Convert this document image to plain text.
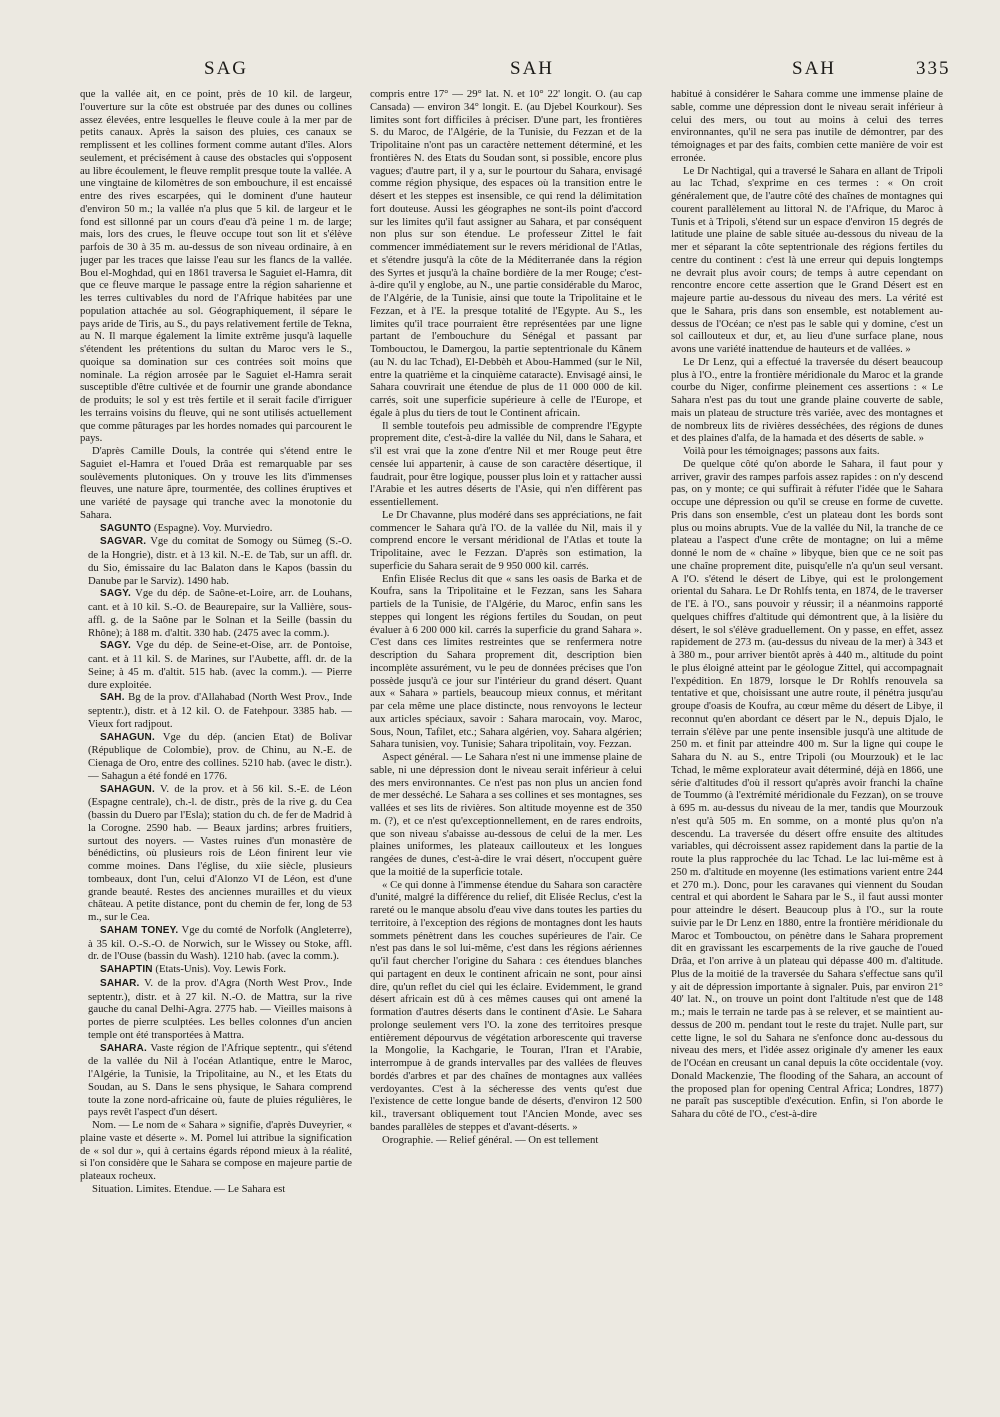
SAG	SAH	SAH	335

que la vallée ait, en ce point, près de 10 kil. de largeur, l'ouverture sur la côte est obstruée par des dunes ou collines assez élevées, entre lesquelles le fleuve coule à la mer par de petits canaux. Après la saison des pluies, ces canaux se remplissent et les collines forment comme autant d'îles. Alors seulement, et précisément à cause des obstacles qui s'opposent au libre écoulement, le fleuve remplit presque toute la vallée. A une vingtaine de kilomètres de son embouchure, il est encaissé entre des rives escarpées, qui le dominent d'une hauteur d'environ 50 m.; la vallée n'a plus que 5 kil. de largeur et le fond est sillonné par un cours d'eau d'à peine 1 m. de large; mais, lors des crues, le fleuve occupe tout son lit et s'élève parfois de 30 à 35 m. au-dessus de son niveau ordinaire, à en juger par les traces que laisse l'eau sur les flancs de la vallée. Bou el-Moghdad, qui en 1861 traversa le Saguiet el-Hamra, dit que ce fleuve marque le passage entre la région saharienne et les terres cultivables du nord de l'Afrique habitées par une population attachée au sol. Géographiquement, il sépare le pays aride de Tiris, au S., du pays relativement fertile de Tekna, au N. Il marque également la limite extrême jusqu'à laquelle s'étendent les prétentions du sultan du Maroc vers le S., quoique sa domination sur ces contrées soit moins que nominale. La région arrosée par le Saguiet el-Hamra serait susceptible d'être cultivée et de fournir une grande abondance de produits; le sol y est très fertile et il serait facile d'irriguer les terrains voisins du fleuve, qui ne sont utilisés actuellement que comme pâturages par les hordes nomades qui parcourent le pays.

D'après Camille Douls, la contrée qui s'étend entre le Saguiet el-Hamra et l'oued Drâa est remarquable par ses soulèvements plutoniques. On y trouve les lits d'immenses fleuves, une nature âpre, tourmentée, des collines éruptives et une variété de paysage qui tranche avec la monotonie du Sahara.

SAGUNTO (Espagne). Voy. Murviedro.

SAGVAR. Vge du comitat de Somogy ou Sümeg (S.-O. de la Hongrie), distr. et à 13 kil. N.-E. de Tab, sur un affl. dr. du Sio, émissaire du lac Balaton dans le Kapos (bassin du Danube par le Sarviz). 1490 hab.

SAGY. Vge du dép. de Saône-et-Loire, arr. de Louhans, cant. et à 10 kil. S.-O. de Beaurepaire, sur la Vallière, sous-affl. g. de la Saône par le Solnan et la Seille (bassin du Rhône); à 188 m. d'altit. 330 hab. (2475 avec la comm.).

SAGY. Vge du dép. de Seine-et-Oise, arr. de Pontoise, cant. et à 11 kil. S. de Marines, sur l'Aubette, affl. dr. de la Seine; à 45 m. d'altit. 515 hab. (avec la comm.). — Pierre dure exploitée.

SAH. Bg de la prov. d'Allahabad (North West Prov., Inde septentr.), distr. et à 12 kil. O. de Fatehpour. 3385 hab. — Vieux fort radjpout.

SAHAGUN. Vge du dép. (ancien Etat) de Bolivar (République de Colombie), prov. de Chinu, au N.-E. de Cienaga de Oro, entre des collines. 5210 hab. (avec le distr.). — Sahagun a été fondé en 1776.

SAHAGUN. V. de la prov. et à 56 kil. S.-E. de Léon (Espagne centrale), ch.-l. de distr., près de la rive g. du Cea (bassin du Duero par l'Esla); station du ch. de fer de Madrid à la Corogne. 2590 hab. — Beaux jardins; arbres fruitiers, surtout des noyers. — Vastes ruines d'un monastère de bénédictins, où plusieurs rois de Léon finirent leur vie comme moines. Dans l'église, du xiie siècle, plusieurs tombeaux, dont l'un, celui d'Alonzo VI de Léon, est d'une grande beauté. Restes des anciennes murailles et du vieux château. A petite distance, pont du chemin de fer, long de 53 m., sur le Cea.

SAHAM TONEY. Vge du comté de Norfolk (Angleterre), à 35 kil. O.-S.-O. de Norwich, sur le Wissey ou Stoke, affl. dr. de l'Ouse (bassin du Wash). 1210 hab. (avec la comm.).

SAHAPTIN (Etats-Unis). Voy. Lewis Fork.

SAHAR. V. de la prov. d'Agra (North West Prov., Inde septentr.), distr. et à 27 kil. N.-O. de Mattra, sur la rive gauche du canal Delhi-Agra. 2775 hab. — Vieilles maisons à portes de pierre sculptées. Les belles colonnes d'un ancien temple ont été transportées à Mattra.

SAHARA. Vaste région de l'Afrique septentr., qui s'étend de la vallée du Nil à l'océan Atlantique, entre le Maroc, l'Algérie, la Tunisie, la Tripolitaine, au N., et les Etats du Soudan, au S. Dans le sens physique, le Sahara comprend toute la zone nord-africaine où, faute de pluies régulières, le pays revêt l'aspect d'un désert.

Nom. — Le nom de « Sahara » signifie, d'après Duveyrier, « plaine vaste et déserte ». M. Pomel lui attribue la signification de « sol dur », qui à certains égards répond mieux à la réalité, si l'on considère que le Sahara se compose en majeure partie de plateaux rocheux.

Situation. Limites. Etendue. — Le Sahara est

compris entre 17° — 29° lat. N. et 10° 22' longit. O. (au cap Cansada) — environ 34° longit. E. (au Djebel Kourkour). Ses limites sont fort difficiles à préciser. D'une part, les frontières S. du Maroc, de l'Algérie, de la Tunisie, du Fezzan et de la Tripolitaine n'ont pas un caractère nettement déterminé, et les frontières N. des Etats du Soudan sont, si possible, encore plus vagues; d'autre part, il y a, sur le pourtour du Sahara, envisagé comme région physique, des espaces où la transition entre le désert et les steppes est insensible, ce qui rend la délimitation fort douteuse. Aussi les géographes ne sont-ils point d'accord sur les limites qu'il faut assigner au Sahara, et par conséquent non plus sur son étendue. Le professeur Zittel le fait commencer immédiatement sur le revers méridional de l'Atlas, et s'étendre jusqu'à la côte de la Méditerranée dans la région des Syrtes et jusqu'à la chaîne bordière de la mer Rouge; c'est-à-dire qu'il y englobe, au N., une partie considérable du Maroc, de l'Algérie, de la Tunisie, ainsi que toute la Tripolitaine et le Fezzan, et à l'E. la presque totalité de l'Egypte. Au S., les limites qu'il trace pourraient être représentées par une ligne partant de l'embouchure du Sénégal et passant par Tombouctou, le Damergou, la partie septentrionale du Kânem (au N. du lac Tchad), El-Debbèh et Abou-Hammed (sur le Nil, entre la quatrième et la cinquième cataracte). Envisagé ainsi, le Sahara couvrirait une étendue de plus de 11 000 000 de kil. carrés, soit une superficie supérieure à celle de l'Europe, et égale à plus du tiers de tout le Continent africain.

Il semble toutefois peu admissible de comprendre l'Egypte proprement dite, c'est-à-dire la vallée du Nil, dans le Sahara, et s'il est vrai que la zone d'entre Nil et mer Rouge peut être censée lui appartenir, à cause de son caractère désertique, il faudrait, pour être logique, pousser plus loin et y rattacher aussi l'Arabie et les autres déserts de l'Asie, qui n'en diffèrent pas essentiellement.

Le Dr Chavanne, plus modéré dans ses appréciations, ne fait commencer le Sahara qu'à l'O. de la vallée du Nil, mais il y comprend encore le versant méridional de l'Atlas et toute la Tripolitaine, avec le Fezzan. D'après son estimation, la superficie du Sahara serait de 9 950 000 kil. carrés.

Enfin Elisée Reclus dit que « sans les oasis de Barka et de Koufra, sans la Tripolitaine et le Fezzan, sans les Sahara partiels de la Tunisie, de l'Algérie, du Maroc, enfin sans les steppes qui longent les régions fertiles du Soudan, on peut évaluer à 6 200 000 kil. carrés la superficie du grand Sahara ». C'est dans ces limites restreintes que se renfermera notre description du Sahara proprement dit, description bien incomplète assurément, vu le peu de données précises que l'on possède jusqu'à ce jour sur l'intérieur du grand désert. Quant aux « Sahara » partiels, beaucoup mieux connus, et méritant par cela même une place distincte, nous renvoyons le lecteur aux articles spéciaux, savoir : Sahara marocain, voy. Maroc, Sous, Noun, Tafilet, etc.; Sahara algérien, voy. Sahara algérien; Sahara tunisien, voy. Tunisie; Sahara tripolitain, voy. Fezzan.

Aspect général. — Le Sahara n'est ni une immense plaine de sable, ni une dépression dont le niveau serait inférieur à celui des mers environnantes. Ce n'est pas non plus un ancien fond de mer desséché. Le Sahara a ses collines et ses montagnes, ses vallées et ses lits de rivières. Son altitude moyenne est de 350 m. (?), et ce n'est qu'exceptionnellement, en de rares endroits, que son niveau s'abaisse au-dessous de celui de la mer. Les plaines uniformes, les plateaux caillouteux et les longues rangées de dunes, c'est-à-dire le vrai désert, n'occupent guère que la moitié de la superficie totale.

« Ce qui donne à l'immense étendue du Sahara son caractère d'unité, malgré la différence du relief, dit Elisée Reclus, c'est la rareté ou le manque absolu d'eau vive dans toutes les parties du territoire, à l'exception des régions de montagnes dont les hauts sommets pénètrent dans les couches supérieures de l'air. Ce n'est pas dans le sol lui-même, c'est dans les régions aériennes qu'il faut chercher l'origine du Sahara : ces étendues blanches qui partagent en deux le continent africain ne sont, pour ainsi dire, qu'un reflet du ciel qui les éclaire. Evidemment, le grand désert africain est dû à ces mêmes causes qui ont amené la formation d'autres déserts dans le continent d'Asie. Le Sahara prolonge seulement vers l'O. la zone des territoires presque entièrement dépourvus de végétation arborescente qui traverse la Mongolie, la Kachgarie, le Touran, l'Iran et l'Arabie, interrompue à de grands intervalles par des vallées de fleuves bordés d'arbres et par des chaînes de montagnes aux vallées verdoyantes. C'est à la sécheresse des vents qu'est due l'existence de cette longue bande de déserts, d'environ 12 500 kil., traversant obliquement tout l'Ancien Monde, avec ses bandes parallèles de steppes et d'avant-déserts. »

Orographie. — Relief général. — On est tellement

habitué à considérer le Sahara comme une immense plaine de sable, comme une dépression dont le niveau serait inférieur à celui des mers, ou tout au moins à celui des terres environnantes, qu'il ne sera pas inutile de démontrer, par des témoignages et par des faits, combien cette manière de voir est erronée.

Le Dr Nachtigal, qui a traversé le Sahara en allant de Tripoli au lac Tchad, s'exprime en ces termes : « On croit généralement que, de l'autre côté des chaînes de montagnes qui courent parallèlement au littoral N. de l'Afrique, du Maroc à Tunis et à Tripoli, s'étend sur un espace d'environ 15 degrés de latitude une plaine de sable située au-dessous du niveau de la mer et séparant la côte septentrionale des régions fertiles du centre du continent : c'est là une erreur qui depuis longtemps ne devrait plus avoir cours; de temps à autre cependant on rencontre encore cette assertion que le Grand Désert est en majeure partie au-dessous du niveau des mers. La vérité est que le Sahara, pris dans son ensemble, est notablement au-dessus de l'Océan; ce n'est pas le sable qui y domine, c'est un sol caillouteux et dur, et, au lieu d'une surface plane, nous avons une variété inattendue de hauteurs et de vallées. »

Le Dr Lenz, qui a effectué la traversée du désert beaucoup plus à l'O., entre la frontière méridionale du Maroc et la grande courbe du Niger, confirme pleinement ces assertions : « Le Sahara n'est pas du tout une grande plaine couverte de sable, mais un plateau de structure très variée, avec des montagnes et de nombreux lits de rivières desséchées, des régions de dunes et des plaines d'alfa, de la hamada et des déserts de sable. »

Voilà pour les témoignages; passons aux faits.

De quelque côté qu'on aborde le Sahara, il faut pour y arriver, gravir des rampes parfois assez rapides : on n'y descend pas, on y monte; ce qui suffirait à réfuter l'idée que le Sahara occupe une dépression ou qu'il se creuse en forme de cuvette. Pris dans son ensemble, c'est un plateau dont les bords sont plus ou moins abrupts. Vue de la vallée du Nil, la tranche de ce plateau a l'aspect d'une crête de montagne; on lui a même donné le nom de « chaîne » libyque, bien que ce ne soit pas une chaîne proprement dite, puisqu'elle n'a qu'un seul versant. A l'O. s'étend le désert de Libye, qui est le prolongement oriental du Sahara. Le Dr Rohlfs tenta, en 1874, de le traverser de l'E. à l'O., sans pouvoir y réussir; il a néanmoins rapporté quelques chiffres d'altitude qui démontrent que, à la lisière du désert, le sol s'élève graduellement. On y passe, en effet, assez rapidement de 273 m. (au-dessus du niveau de la mer) à 343 et à 380 m., pour arriver bientôt après à 440 m., altitude du point le plus éloigné atteint par le géologue Zittel, qui accompagnait l'expédition. En 1879, lorsque le Dr Rohlfs renouvela sa tentative et que, choisissant une autre route, il pénétra jusqu'au groupe d'oasis de Koufra, au cœur même du désert de Libye, il reconnut qu'en abordant ce désert par le N., depuis Djalo, le terrain s'élève par une pente insensible jusqu'à une altitude de 250 m. et finit par atteindre 400 m. Sur la ligne qui coupe le Sahara du N. au S., entre Tripoli (ou Mourzouk) et le lac Tchad, le même explorateur avait déterminé, déjà en 1866, une série d'altitudes d'où il ressort qu'après avoir franchi la chaîne de Toummo (à l'extrémité méridionale du Fezzan), on se trouve à 695 m. au-dessus du niveau de la mer, tandis que Mourzouk n'est qu'à 505 m. En somme, on a monté plus qu'on n'a descendu. La traversée du désert offre ensuite des altitudes variables, qui décroissent assez rapidement dans la partie de la route la plus rapprochée du lac Tchad. Le lac lui-même est à 250 m. d'altitude en moyenne (les estimations varient entre 244 et 270 m.). Donc, pour les caravanes qui viennent du Soudan central et qui abordent le Sahara par le S., il faut aussi monter pour atteindre le désert. Beaucoup plus à l'O., sur la route suivie par le Dr Lenz en 1880, entre la frontière méridionale du Maroc et Tombouctou, on pénètre dans le Sahara proprement dit en gravissant les escarpements de la rive gauche de l'oued Drâa, et l'on arrive à un plateau qui dépasse 400 m. d'altitude. Plus de la moitié de la traversée du Sahara s'effectue sans qu'il y ait de dépression importante à signaler. Puis, par environ 21° 40' lat. N., on trouve un point dont l'altitude n'est que de 148 m.; mais le terrain ne tarde pas à se relever, et se maintient au-dessus de 200 m. pendant tout le reste du trajet. Nulle part, sur cette ligne, le sol du Sahara ne s'enfonce donc au-dessous du niveau des mers, et l'idée assez originale d'y amener les eaux de l'Océan en creusant un canal depuis la côte occidentale (voy. Donald Mackenzie, The flooding of the Sahara, an account of the proposed plan for opening Central Africa; Londres, 1877) ne paraît pas susceptible d'exécution. Enfin, si l'on aborde le Sahara du côté de l'O., c'est-à-dire
